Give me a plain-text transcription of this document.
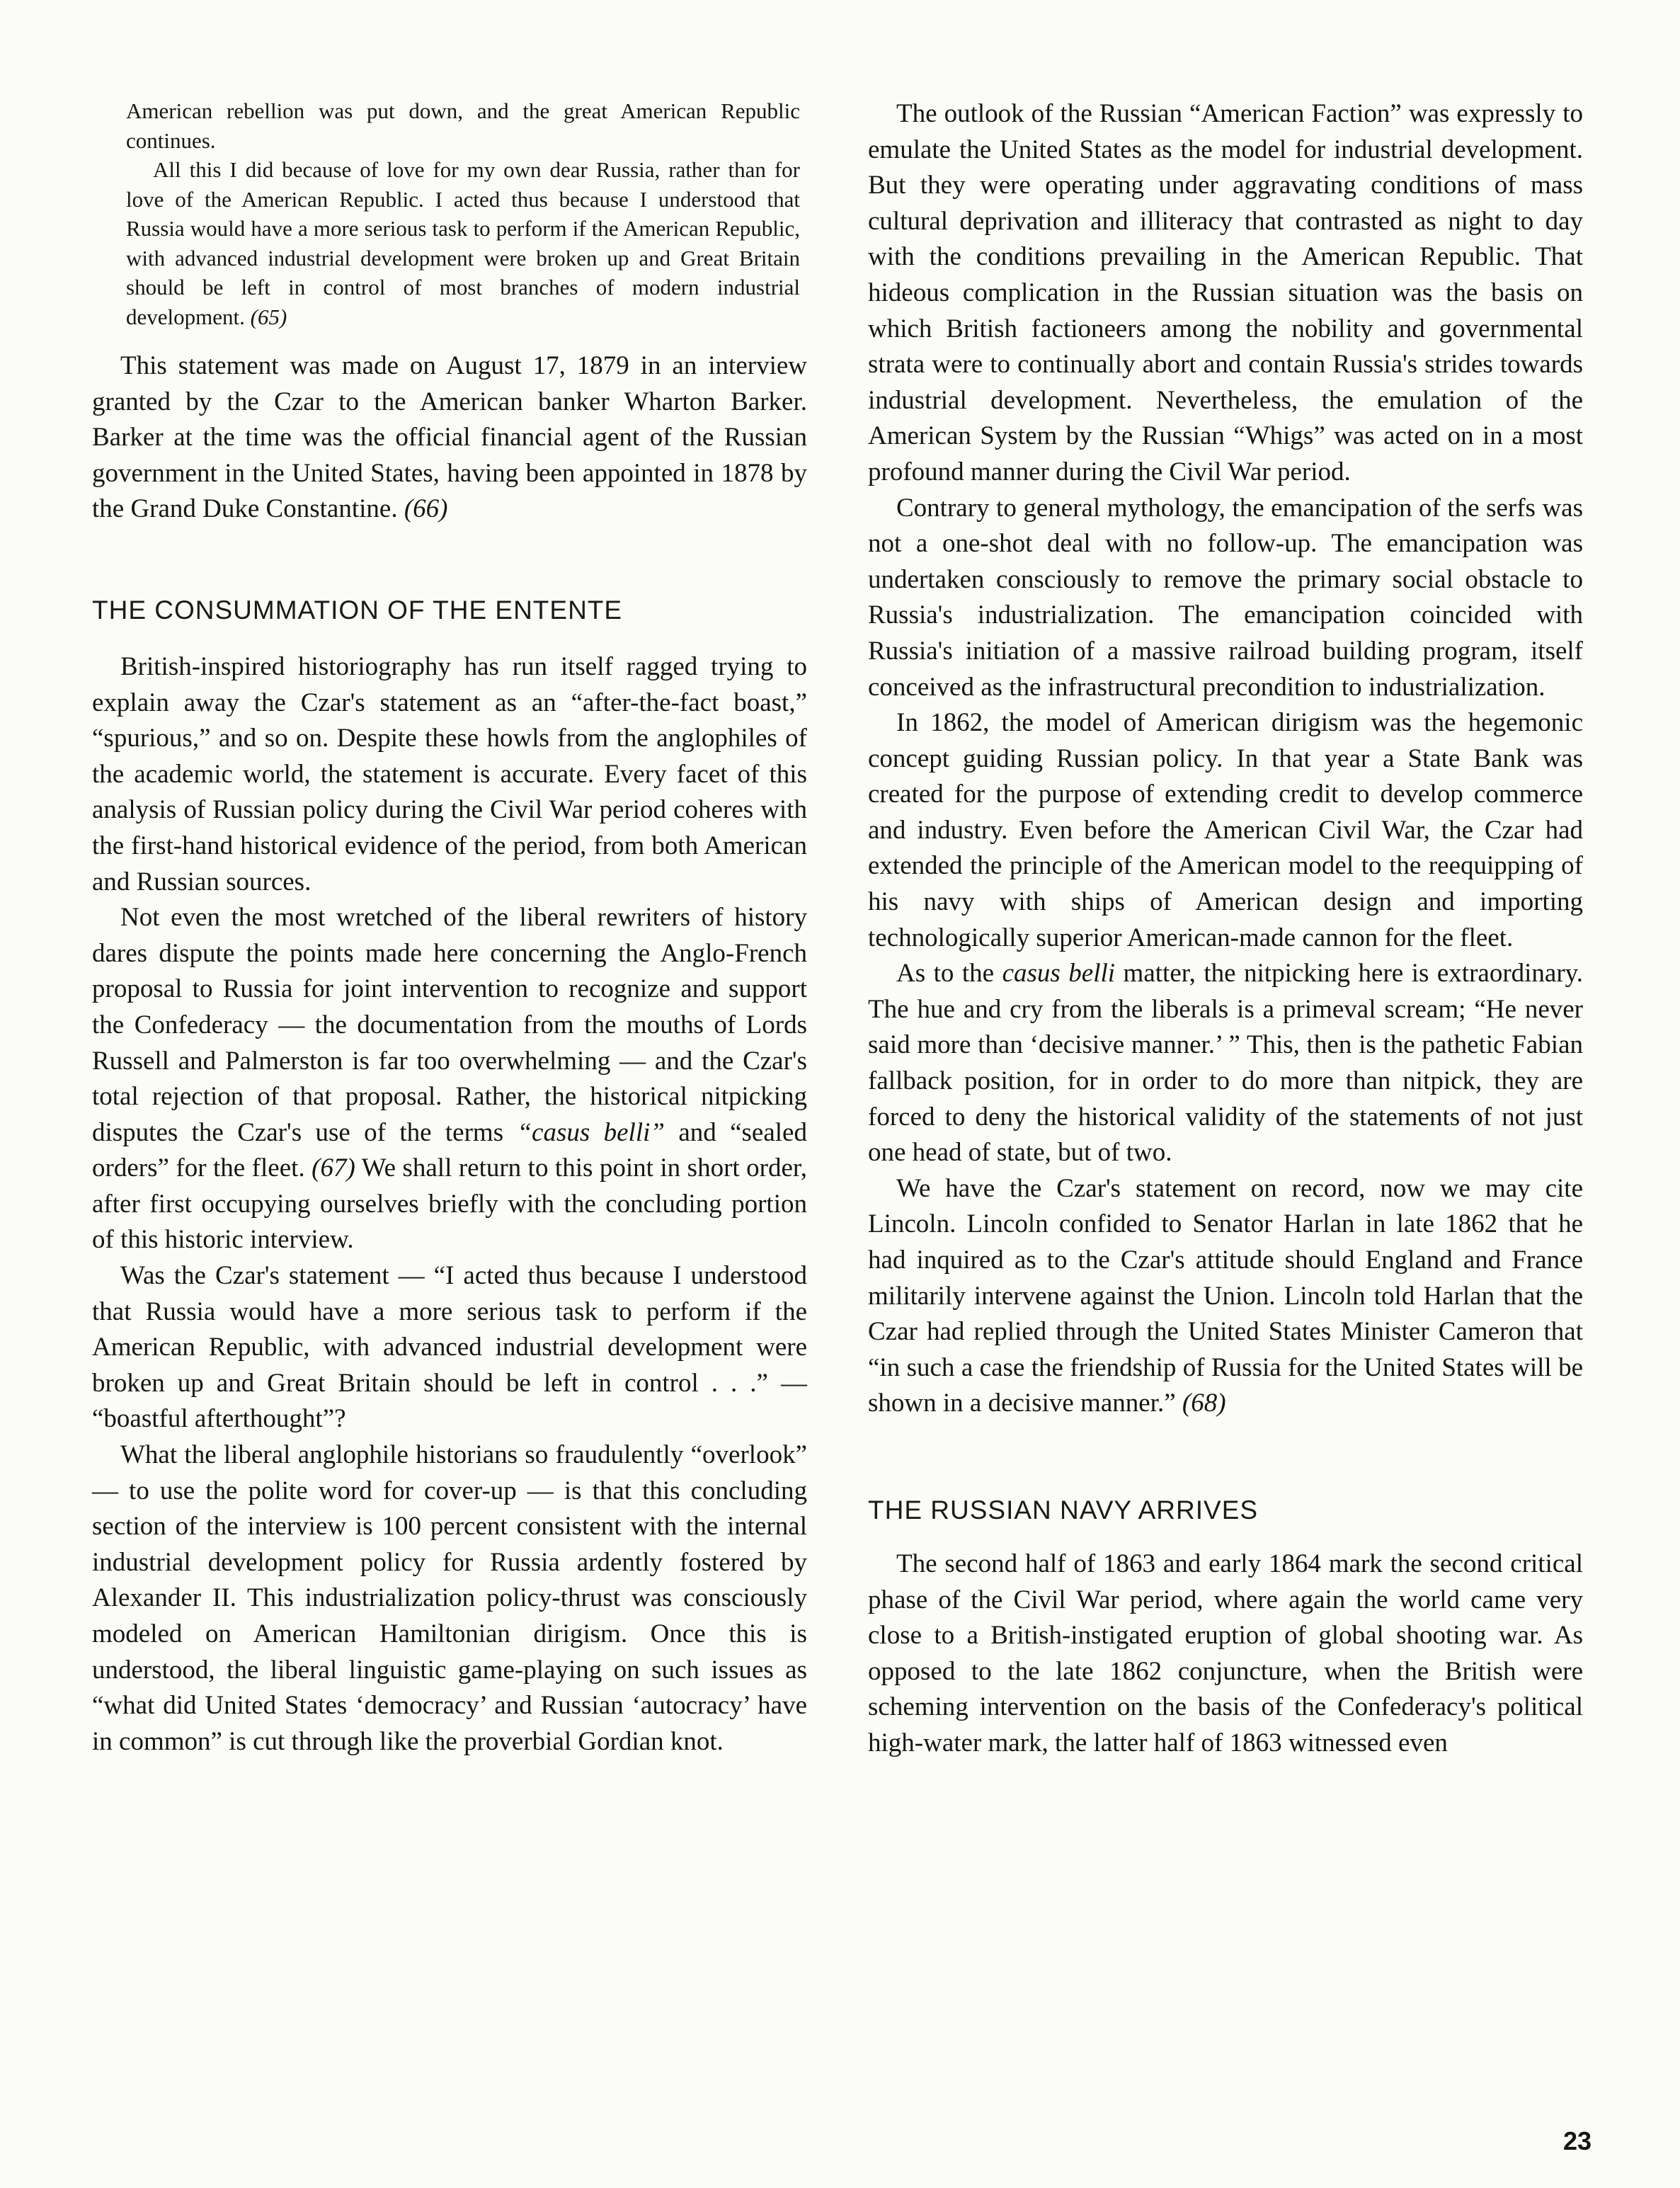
American rebellion was put down, and the great American Republic continues.

All this I did because of love for my own dear Russia, rather than for love of the American Republic. I acted thus because I understood that Russia would have a more serious task to perform if the American Republic, with advanced industrial development were broken up and Great Britain should be left in control of most branches of modern industrial development. (65)

This statement was made on August 17, 1879 in an interview granted by the Czar to the American banker Wharton Barker. Barker at the time was the official financial agent of the Russian government in the United States, having been appointed in 1878 by the Grand Duke Constantine. (66)

THE CONSUMMATION OF THE ENTENTE

British-inspired historiography has run itself ragged trying to explain away the Czar's statement as an “after-the-fact boast,” “spurious,” and so on. Despite these howls from the anglophiles of the academic world, the statement is accurate. Every facet of this analysis of Russian policy during the Civil War period coheres with the first-hand historical evidence of the period, from both American and Russian sources.

Not even the most wretched of the liberal rewriters of history dares dispute the points made here concerning the Anglo-French proposal to Russia for joint intervention to recognize and support the Confederacy — the documentation from the mouths of Lords Russell and Palmerston is far too overwhelming — and the Czar's total rejection of that proposal. Rather, the historical nitpicking disputes the Czar's use of the terms “casus belli” and “sealed orders” for the fleet. (67) We shall return to this point in short order, after first occupying ourselves briefly with the concluding portion of this historic interview.

Was the Czar's statement — “I acted thus because I understood that Russia would have a more serious task to perform if the American Republic, with advanced industrial development were broken up and Great Britain should be left in control . . .” — “boastful afterthought”?

What the liberal anglophile historians so fraudulently “overlook” — to use the polite word for cover-up — is that this concluding section of the interview is 100 percent consistent with the internal industrial development policy for Russia ardently fostered by Alexander II. This industrialization policy-thrust was consciously modeled on American Hamiltonian dirigism. Once this is understood, the liberal linguistic game-playing on such issues as “what did United States ‘democracy’ and Russian ‘autocracy’ have in common” is cut through like the proverbial Gordian knot.

The outlook of the Russian “American Faction” was expressly to emulate the United States as the model for industrial development. But they were operating under aggravating conditions of mass cultural deprivation and illiteracy that contrasted as night to day with the conditions prevailing in the American Republic. That hideous complication in the Russian situation was the basis on which British factioneers among the nobility and governmental strata were to continually abort and contain Russia's strides towards industrial development. Nevertheless, the emulation of the American System by the Russian “Whigs” was acted on in a most profound manner during the Civil War period.

Contrary to general mythology, the emancipation of the serfs was not a one-shot deal with no follow-up. The emancipation was undertaken consciously to remove the primary social obstacle to Russia's industrialization. The emancipation coincided with Russia's initiation of a massive railroad building program, itself conceived as the infrastructural precondition to industrialization.

In 1862, the model of American dirigism was the hegemonic concept guiding Russian policy. In that year a State Bank was created for the purpose of extending credit to develop commerce and industry. Even before the American Civil War, the Czar had extended the principle of the American model to the reequipping of his navy with ships of American design and importing technologically superior American-made cannon for the fleet.

As to the casus belli matter, the nitpicking here is extraordinary. The hue and cry from the liberals is a primeval scream; “He never said more than ‘decisive manner.’ ” This, then is the pathetic Fabian fallback position, for in order to do more than nitpick, they are forced to deny the historical validity of the statements of not just one head of state, but of two.

We have the Czar's statement on record, now we may cite Lincoln. Lincoln confided to Senator Harlan in late 1862 that he had inquired as to the Czar's attitude should England and France militarily intervene against the Union. Lincoln told Harlan that the Czar had replied through the United States Minister Cameron that “in such a case the friendship of Russia for the United States will be shown in a decisive manner.” (68)

THE RUSSIAN NAVY ARRIVES

The second half of 1863 and early 1864 mark the second critical phase of the Civil War period, where again the world came very close to a British-instigated eruption of global shooting war. As opposed to the late 1862 conjuncture, when the British were scheming intervention on the basis of the Confederacy's political high-water mark, the latter half of 1863 witnessed even

23
